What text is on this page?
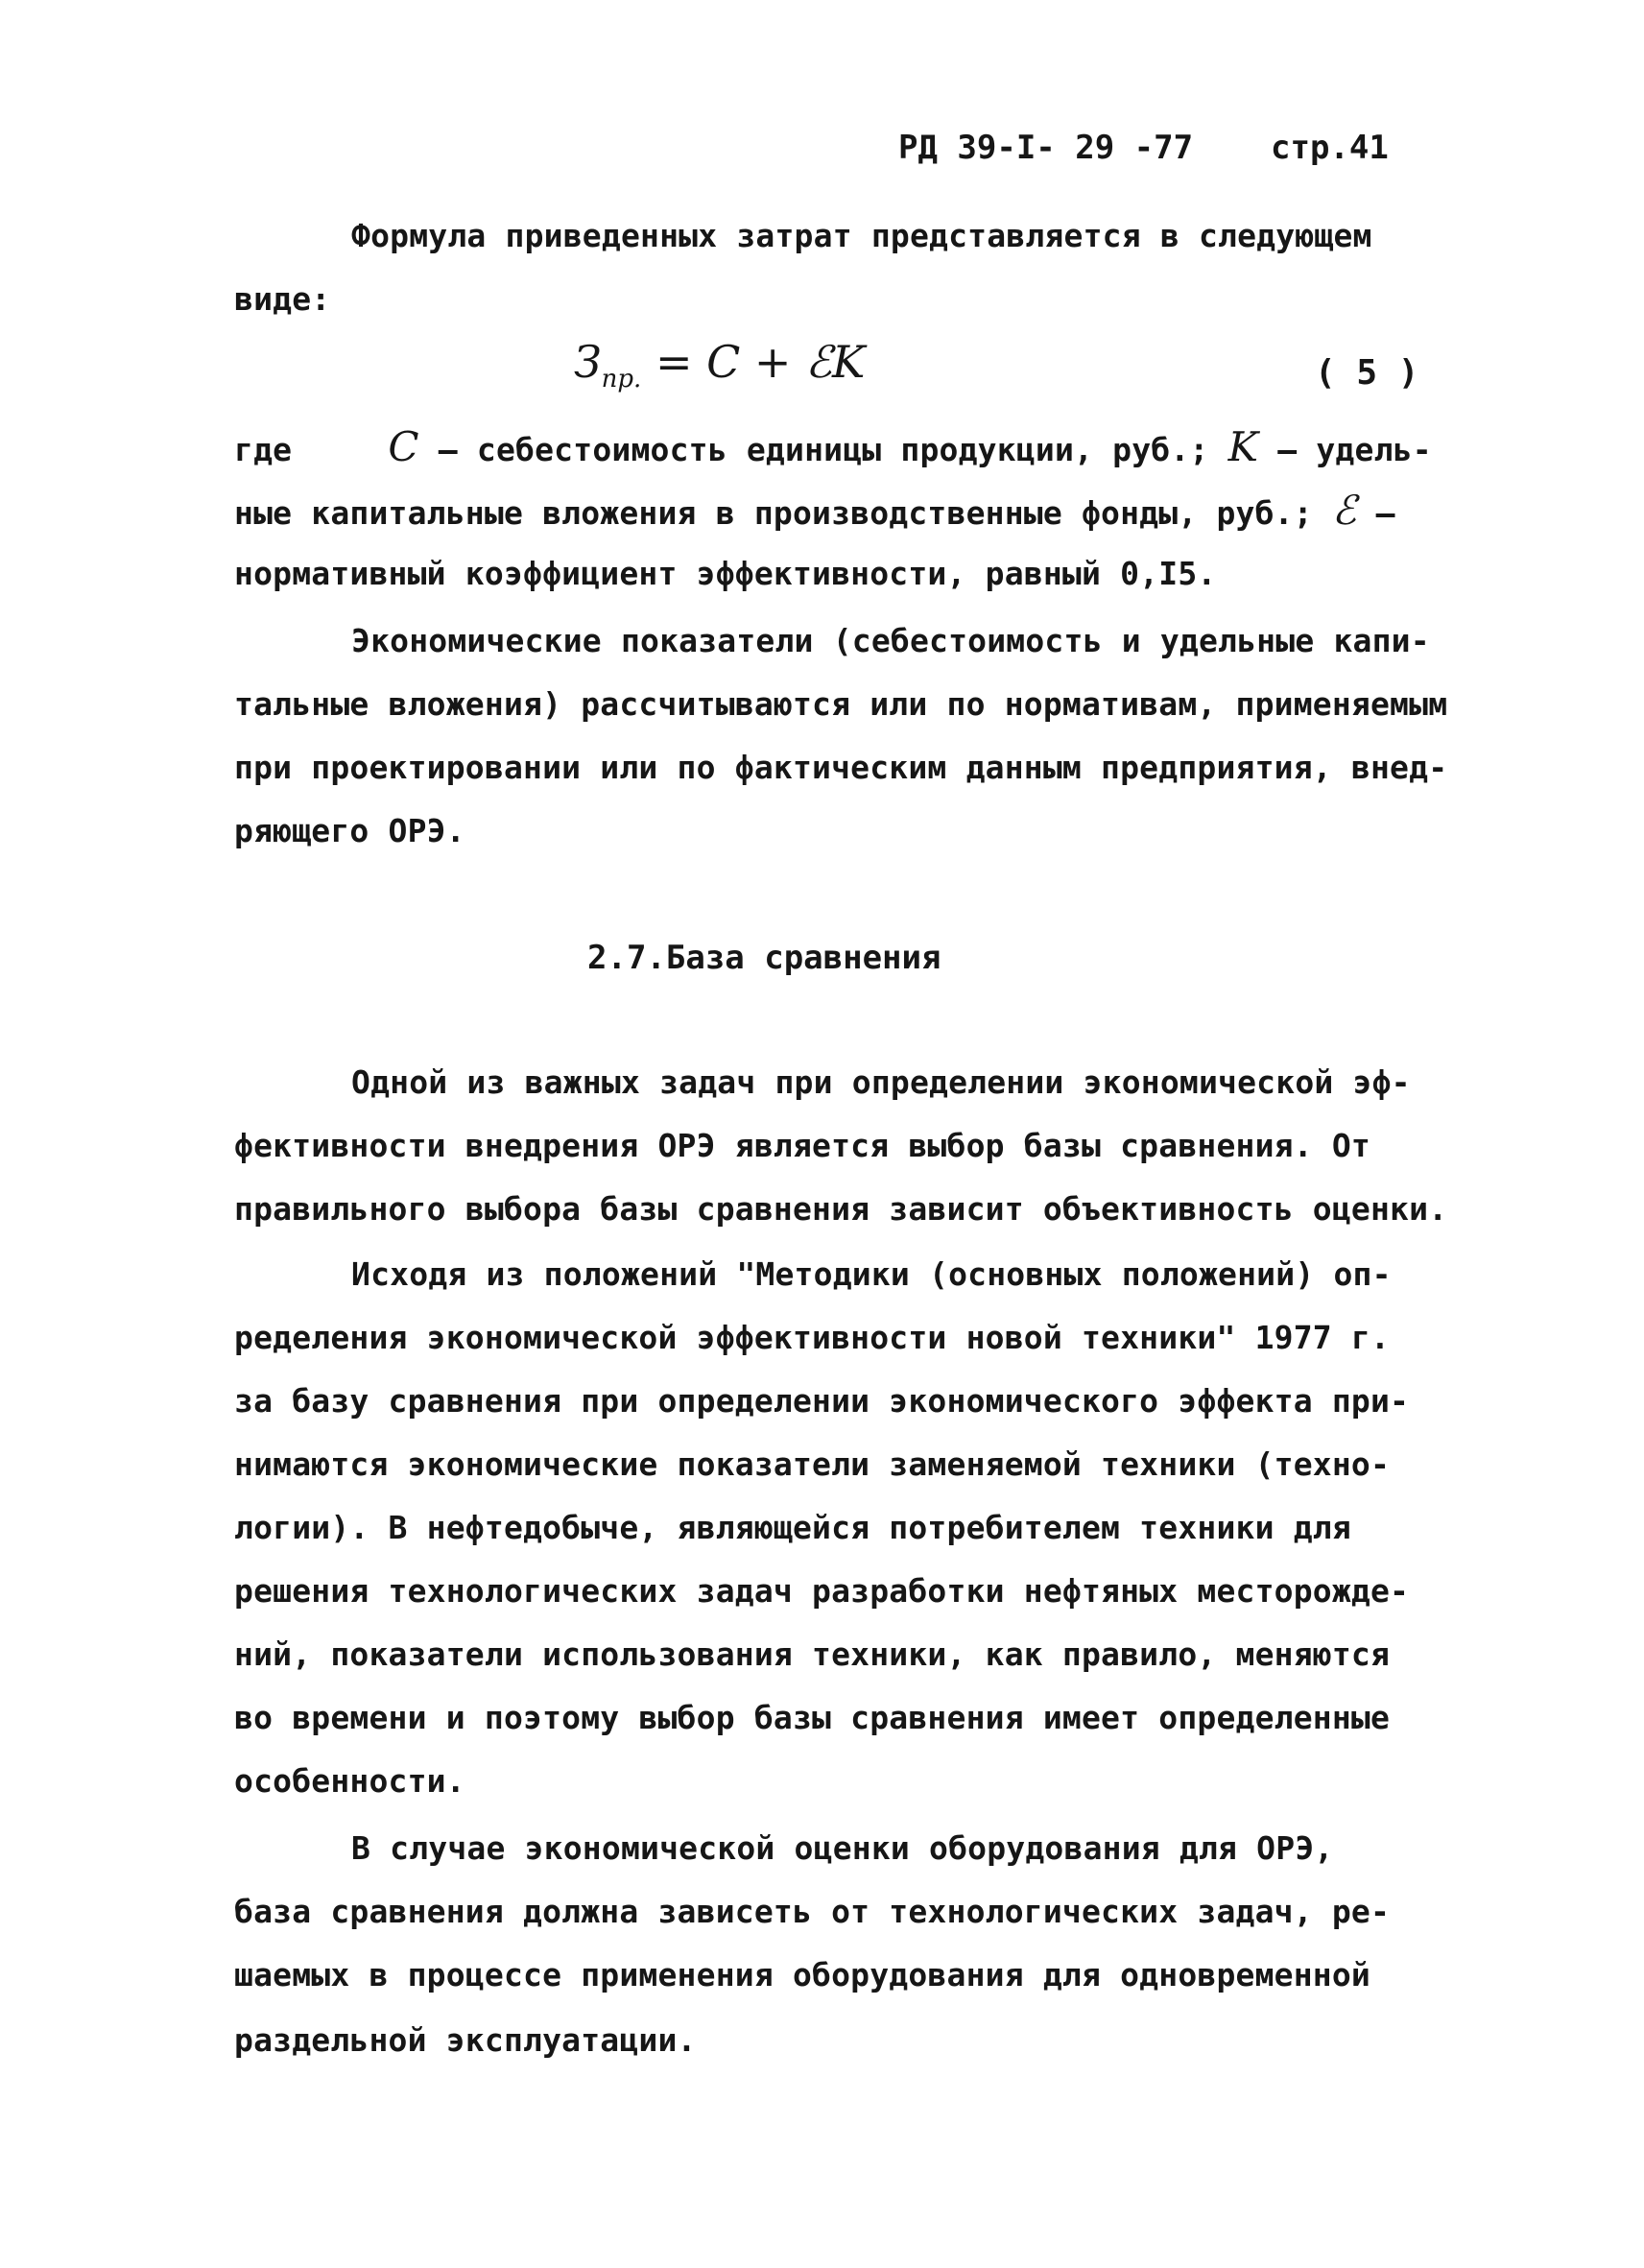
РД 39-I- 29 -77 стр.41
Формула приведенных затрат представляется в следующем
виде:
$З_{пр.} = C$ + ℰK	( 5 )
где C – себестоимость единицы продукции, руб.; K – удель-
ные капитальные вложения в производственные фонды, руб.; ℰ –
нормативный коэффициент эффективности, равный 0,I5.
Экономические показатели (себестоимость и удельные капи-
тальные вложения) рассчитываются или по нормативам, применяемым
при проектировании или по фактическим данным предприятия, внед-
ряющего ОРЭ.
2.7.База сравнения
Одной из важных задач при определении экономической эф-
фективности внедрения ОРЭ является выбор базы сравнения. От
правильного выбора базы сравнения зависит объективность оценки.
Исходя из положений "Методики (основных положений) оп-
ределения экономической эффективности новой техники" 1977 г.
за базу сравнения при определении экономического эффекта при-
нимаются экономические показатели заменяемой техники (техно-
логии). В нефтедобыче, являющейся потребителем техники для
решения технологических задач разработки нефтяных месторожде-
ний, показатели использования техники, как правило, меняются
во времени и поэтому выбор базы сравнения имеет определенные
особенности.
В случае экономической оценки оборудования для ОРЭ,
база сравнения должна зависеть от технологических задач, ре-
шаемых в процессе применения оборудования для одновременной
раздельной эксплуатации.
